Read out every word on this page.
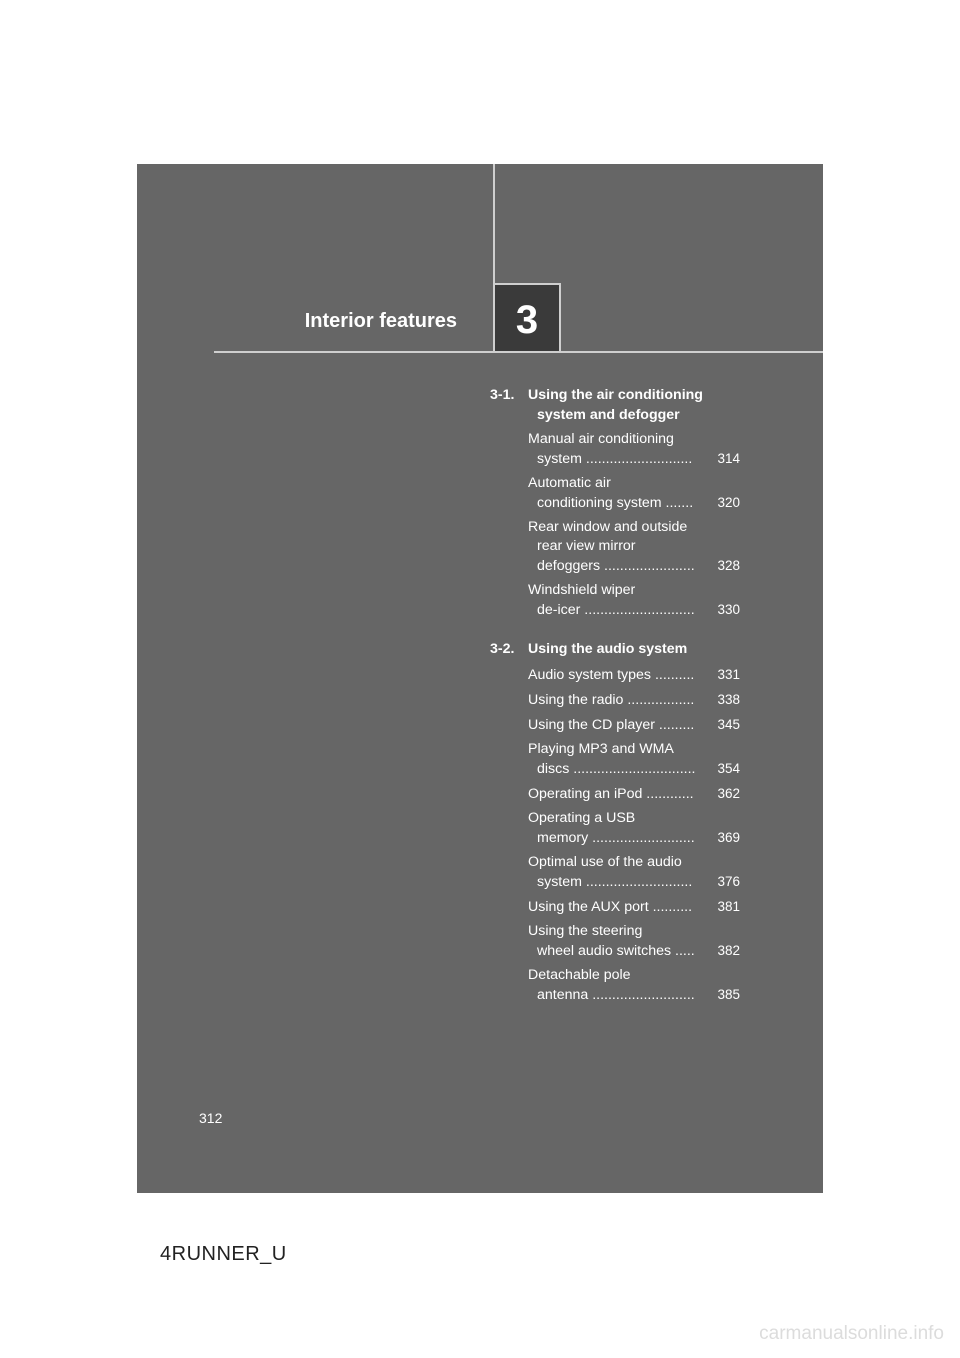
Interior features	3
3-1. Using the air conditioning
system and defogger
Manual air conditioning
system ...........................	314
Automatic air
conditioning system .......	320
Rear window and outside
rear view mirror
defoggers .......................	328
Windshield wiper
de-icer ............................	330
3-2. Using the audio system
Audio system types ..........	331
Using the radio .................	338
Using the CD player .........	345
Playing MP3 and WMA
discs ...............................	354
Operating an iPod ............	362
Operating a USB
memory ..........................	369
Optimal use of the audio
system ...........................	376
Using the AUX port ..........	381
Using the steering
wheel audio switches .....	382
Detachable pole
antenna ..........................	385
312
4RUNNER_U
carmanualsonline.info
